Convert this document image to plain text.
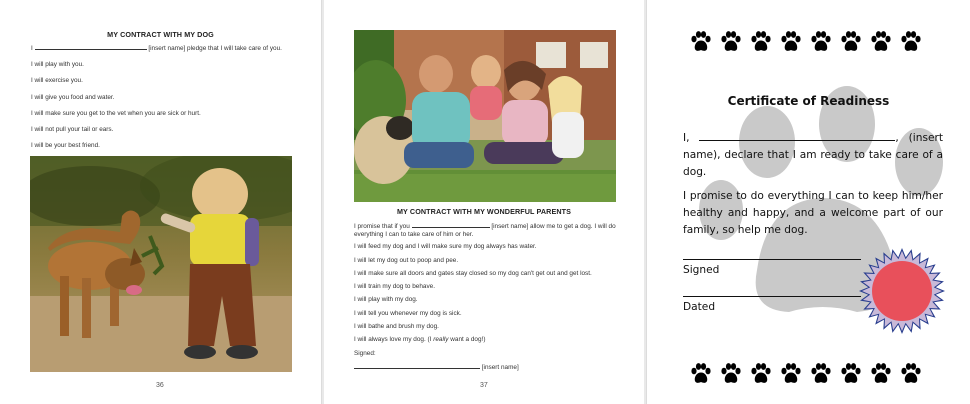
MY CONTRACT WITH MY DOG
I	[insert name] pledge that I will take care of you.
I will play with you.
I will exercise you.
I will give you food and water.
I will make sure you get to the vet when you are sick or hurt.
I will not pull your tail or ears.
I will be your best friend.
36
MY CONTRACT WITH MY WONDERFUL PARENTS
I promise that if you	[insert name] allow me to get a dog. I will do
everything I can to take care of him or her.
I will feed my dog and I will make sure my dog always has water.
I will let my dog out to poop and pee.
I will make sure all doors and gates stay closed so my dog can't get out and get lost.
I will train my dog to behave.
I will play with my dog.
I will tell you whenever my dog is sick.
I will bathe and brush my dog.
I will always love my dog. (I really want a dog!)
Signed:
[insert name]
37
Certificate of Readiness
I,	, (insert name), declare that I am ready to take care of a dog.
I promise to do everything I can to keep him/her healthy and happy, and a welcome part of our family, so help me dog.
Signed
Dated
